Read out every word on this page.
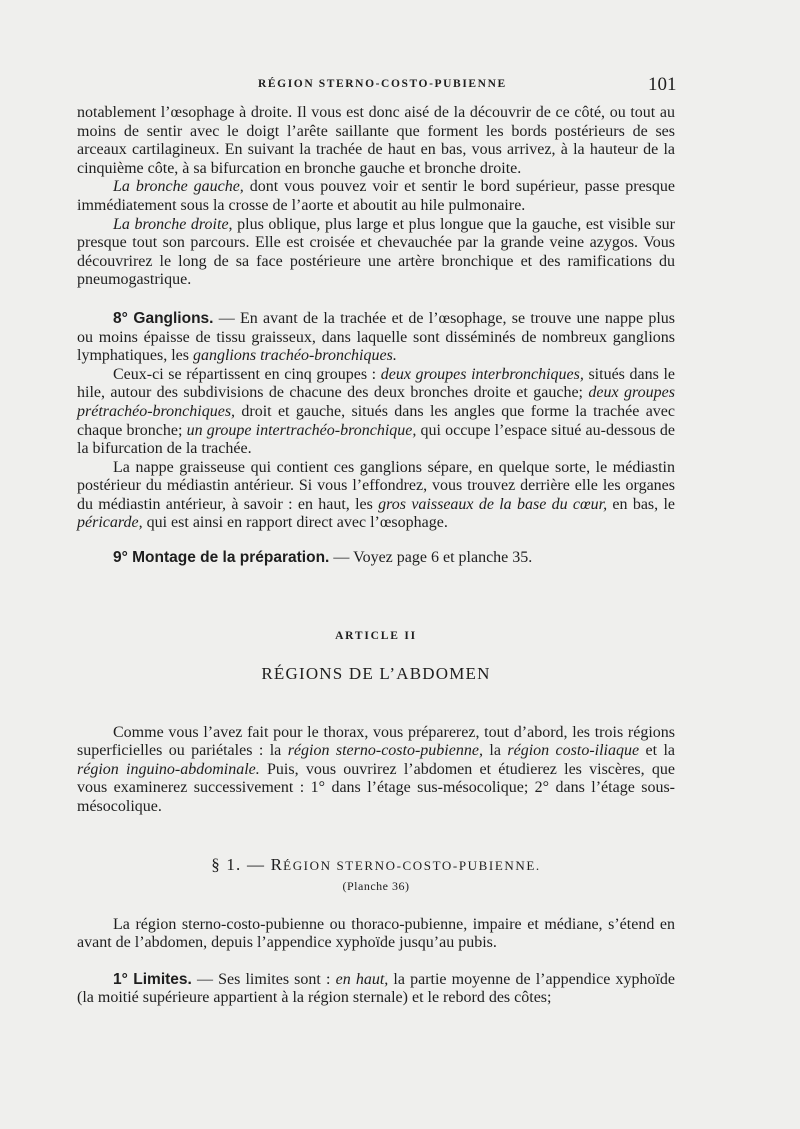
RÉGION STERNO-COSTO-PUBIENNE	101

notablement l’œsophage à droite. Il vous est donc aisé de la découvrir de ce côté, ou tout au moins de sentir avec le doigt l’arête saillante que forment les bords postérieurs de ses arceaux cartilagineux. En suivant la trachée de haut en bas, vous arrivez, à la hauteur de la cinquième côte, à sa bifurcation en bronche gauche et bronche droite.

La bronche gauche, dont vous pouvez voir et sentir le bord supérieur, passe presque immédiatement sous la crosse de l’aorte et aboutit au hile pulmonaire.

La bronche droite, plus oblique, plus large et plus longue que la gauche, est visible sur presque tout son parcours. Elle est croisée et chevauchée par la grande veine azygos. Vous découvrirez le long de sa face postérieure une artère bronchique et des ramifications du pneumogastrique.

8° Ganglions. — En avant de la trachée et de l’œsophage, se trouve une nappe plus ou moins épaisse de tissu graisseux, dans laquelle sont disséminés de nombreux ganglions lymphatiques, les ganglions trachéo-bronchiques.

Ceux-ci se répartissent en cinq groupes : deux groupes interbronchiques, situés dans le hile, autour des subdivisions de chacune des deux bronches droite et gauche; deux groupes prétrachéo-bronchiques, droit et gauche, situés dans les angles que forme la trachée avec chaque bronche; un groupe intertrachéo-bronchique, qui occupe l’espace situé au-dessous de la bifurcation de la trachée.

La nappe graisseuse qui contient ces ganglions sépare, en quelque sorte, le médiastin postérieur du médiastin antérieur. Si vous l’effondrez, vous trouvez derrière elle les organes du médiastin antérieur, à savoir : en haut, les gros vaisseaux de la base du cœur, en bas, le péricarde, qui est ainsi en rapport direct avec l’œsophage.

9° Montage de la préparation. — Voyez page 6 et planche 35.

ARTICLE II
RÉGIONS DE L’ABDOMEN

Comme vous l’avez fait pour le thorax, vous préparerez, tout d’abord, les trois régions superficielles ou pariétales : la région sterno-costo-pubienne, la région costo-iliaque et la région inguino-abdominale. Puis, vous ouvrirez l’abdomen et étudierez les viscères, que vous examinerez successivement : 1° dans l’étage sus-mésocolique; 2° dans l’étage sous-mésocolique.

§ 1. — RÉGION STERNO-COSTO-PUBIENNE.
(Planche 36)

La région sterno-costo-pubienne ou thoraco-pubienne, impaire et médiane, s’étend en avant de l’abdomen, depuis l’appendice xyphoïde jusqu’au pubis.

1° Limites. — Ses limites sont : en haut, la partie moyenne de l’appendice xyphoïde (la moitié supérieure appartient à la région sternale) et le rebord des côtes;
